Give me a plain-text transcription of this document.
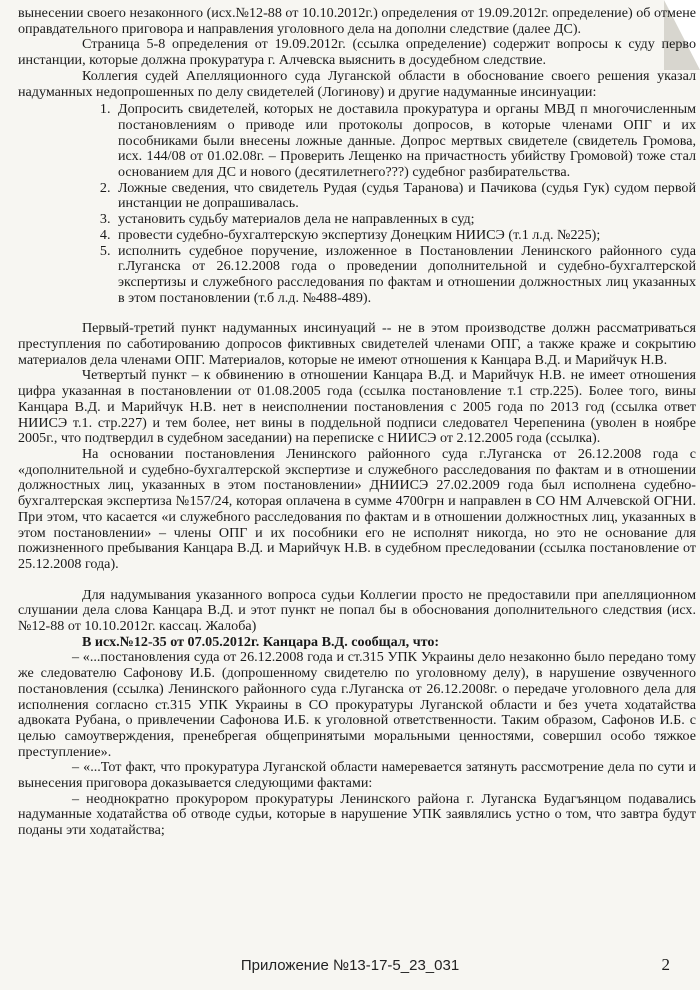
вынесении своего незаконного (исх.№12-88 от 10.10.2012г.) определения от 19.09.2012г. определение) об отмене оправдательного приговора и направления уголовного дела на дополни следствие (далее ДС).

Страница 5-8 определения от 19.09.2012г. (ссылка определение) содержит вопросы к суду перво инстанции, которые должна прокуратура г. Алчевска выяснить в досудебном следствие.

Коллегия судей Апелляционного суда Луганской области в обоснование своего решения указал надуманных недопрошенных по делу свидетелей (Логинову) и другие надуманные инсинуации:

1. Допросить свидетелей, которых не доставила прокуратура и органы МВД п многочисленным постановлениям о приводе или протоколы допросов, в которые членами ОПГ и их пособниками были внесены ложные данные. Допрос мертвых свидетеле (свидетель Громова, исх. 144/08 от 01.02.08г. – Проверить Лещенко на причастность убийству Громовой) тоже стал основанием для ДС и нового (десятилетнего???) судебног разбирательства.
2. Ложные сведения, что свидетель Рудая (судья Таранова) и Пачикова (судья Гук) судом первой инстанции не допрашивалась.
3. установить судьбу материалов дела не направленных в суд;
4. провести судебно-бухгалтерскую экспертизу Донецким НИИСЭ (т.1 л.д. №225);
5. исполнить судебное поручение, изложенное в Постановлении Ленинского районного суда г.Луганска от 26.12.2008 года о проведении дополнительной и судебно-бухгалтерской экспертизы и служебного расследования по фактам и отношении должностных лиц указанных в этом постановлении (т.б л.д. №488-489).

Первый-третий пункт надуманных инсинуаций -- не в этом производстве должн рассматриваться преступления по саботированию допросов фиктивных свидетелей членами ОПГ, а также краже и сокрытию материалов дела членами ОПГ. Материалов, которые не имеют отношения к Канцара В.Д. и Марийчук Н.В.

Четвертый пункт – к обвинению в отношении Канцара В.Д. и Марийчук Н.В. не имеет отношения цифра указанная в постановлении от 01.08.2005 года (ссылка постановление т.1 стр.225). Более того, вины Канцара В.Д. и Марийчук Н.В. нет в неисполнении постановления с 2005 года по 2013 год (ссылка ответ НИИСЭ т.1. стр.227) и тем более, нет вины в поддельной подписи следовател Черепенина (уволен в ноябре 2005г., что подтвердил в судебном заседании) на переписке с НИИСЭ от 2.12.2005 года (ссылка).

На основании постановления Ленинского районного суда г.Луганска от 26.12.2008 года с «дополнительной и судебно-бухгалтерской экспертизе и служебного расследования по фактам и в отношении должностных лиц, указанных в этом постановлении» ДНИИСЭ 27.02.2009 года был исполнена судебно-бухгалтерская экспертиза №157/24, которая оплачена в сумме 4700грн и направлен в СО НМ Алчевской ОГНИ. При этом, что касается «и служебного расследования по фактам и в отношении должностных лиц, указанных в этом постановлении» – члены ОПГ и их пособники его не исполнят никогда, но это не основание для пожизненного пребывания Канцара В.Д. и Марийчук Н.В. в судебном преследовании (ссылка постановление от 25.12.2008 года).

Для надумывания указанного вопроса судьи Коллегии просто не предоставили при апелляционном слушании дела слова Канцара В.Д. и этот пункт не попал бы в обоснования дополнительного следствия (исх.№12-88 от 10.10.2012г. кассац. Жалоба)

В исх.№12-35 от 07.05.2012г. Канцара В.Д. сообщал, что:

– «...постановления суда от 26.12.2008 года и ст.315 УПК Украины дело незаконно было передано тому же следователю Сафонову И.Б. (допрошенному свидетелю по уголовному делу), в нарушение озвученного постановления (ссылка) Ленинского районного суда г.Луганска от 26.12.2008г. о передаче уголовного дела для исполнения согласно ст.315 УПК Украины в СО прокуратуры Луганской области и без учета ходатайства адвоката Рубана, о привлечении Сафонова И.Б. к уголовной ответственности. Таким образом, Сафонов И.Б. с целью самоутверждения, пренебрегая общепринятыми моральными ценностями, совершил особо тяжкое преступление».

– «...Тот факт, что прокуратура Луганской области намеревается затянуть рассмотрение дела по сути и вынесения приговора доказывается следующими фактами:

– неоднократно прокурором прокуратуры Ленинского района г. Луганска Будагъянцом подавались надуманные ходатайства об отводе судьи, которые в нарушение УПК заявлялись устно о том, что завтра будут поданы эти ходатайства;

Приложение №13-17-5_23_031	2
